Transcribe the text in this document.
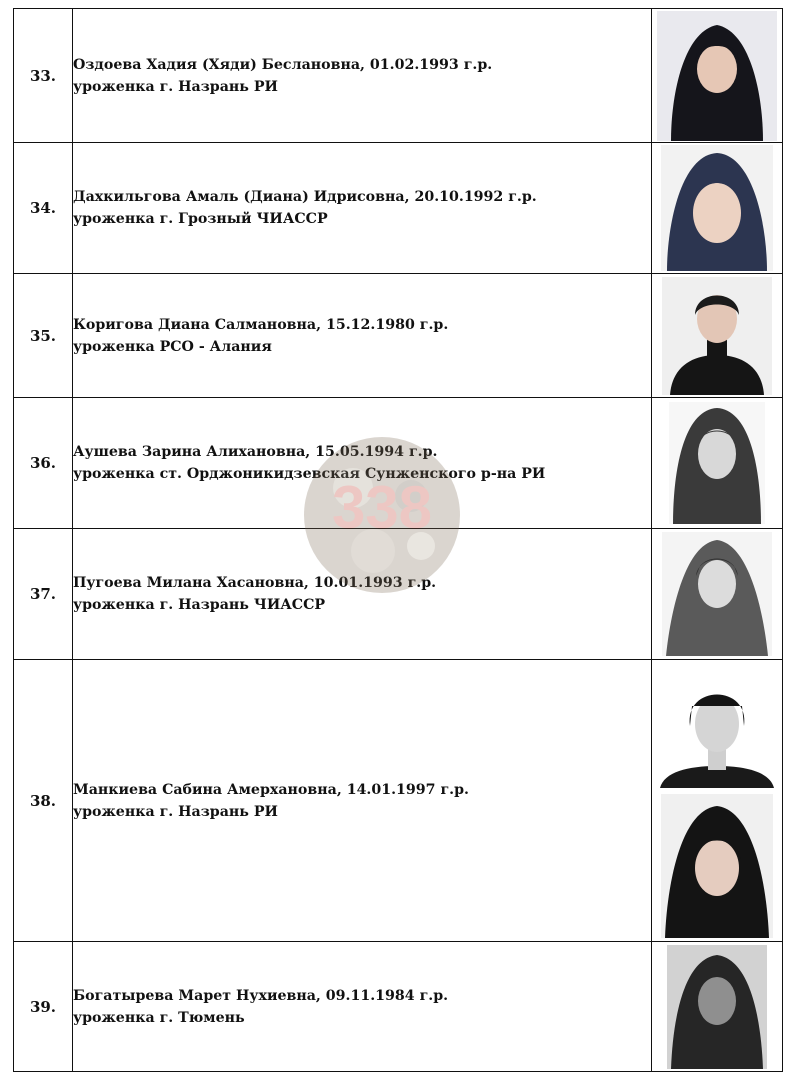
33.	Оздоева Хадия (Хяди) Беслановна, 01.02.1993 г.р.
уроженка г. Назрань РИ

34.	Дахкильгова Амаль (Диана) Идрисовна, 20.10.1992 г.р.
уроженка г. Грозный ЧИАССР

35.	Коригова Диана Салмановна, 15.12.1980 г.р.
уроженка РСО - Алания

36.	Аушева Зарина Алихановна, 15.05.1994 г.р.
уроженка ст. Орджоникидзевская Сунженского р-на РИ

37.	Пугоева Милана Хасановна, 10.01.1993 г.р.
уроженка г. Назрань ЧИАССР

38.	Манкиева Сабина Амерхановна, 14.01.1997 г.р.
уроженка г. Назрань РИ

39.	Богатырева Марет Нухиевна, 09.11.1984 г.р.
уроженка г. Тюмень

338
